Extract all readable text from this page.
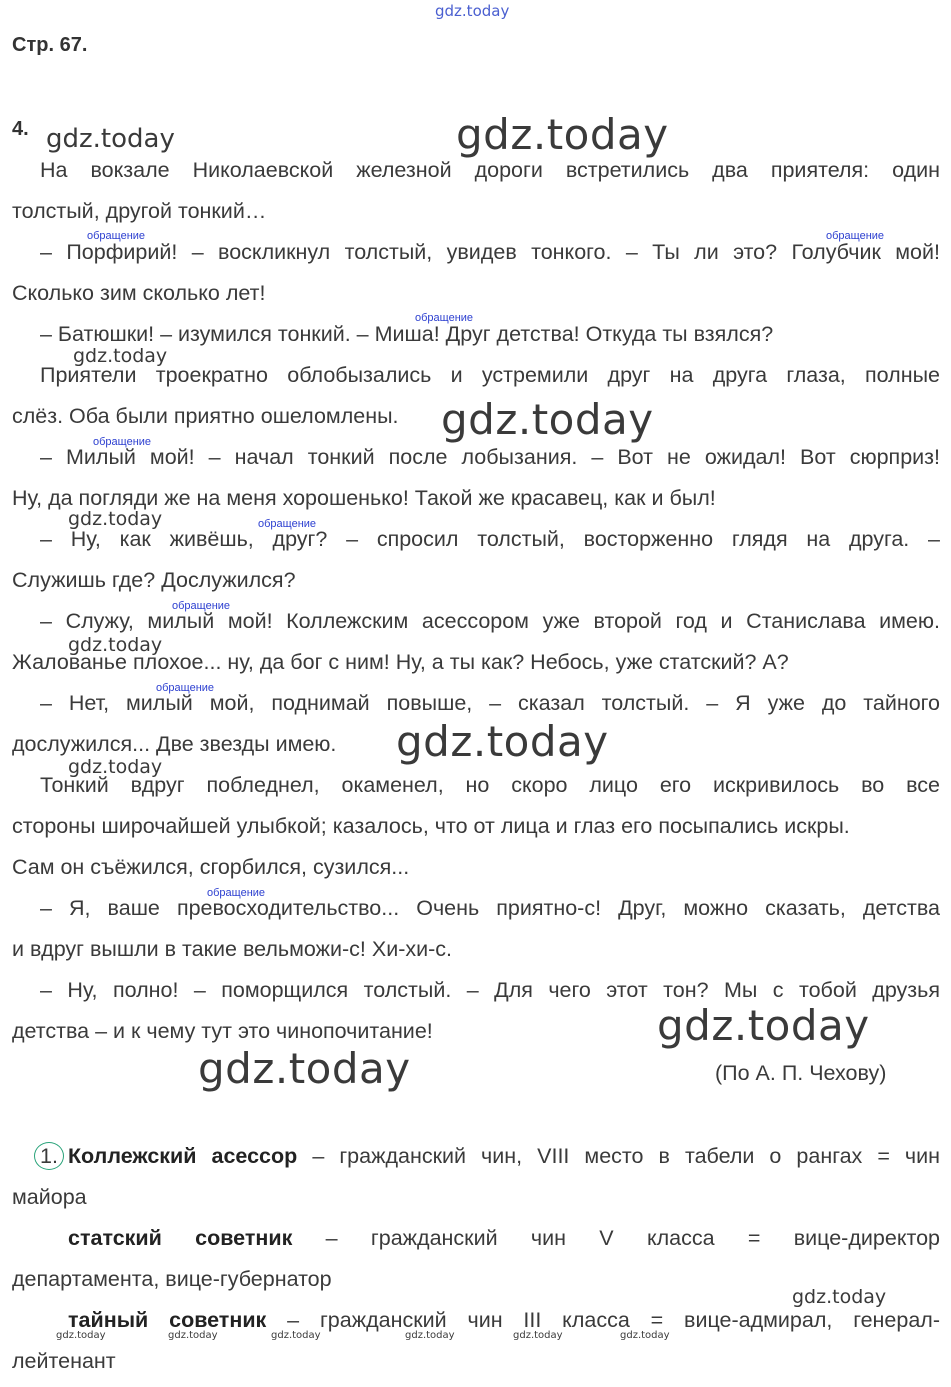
gdz.today
gdz.today	gdz.today
gdz.today
gdz.today
gdz.today
gdz.today
gdz.today
gdz.today
gdz.today
gdz.today
gdz.today
gdz.today	gdz.today	gdz.today	gdz.today	gdz.today	gdz.today
Стр. 67.
4.
обращение	обращение
обращение
обращение
обращение
обращение
обращение
обращение
На вокзале Николаевской железной дороги встретились два приятеля: один
толстый, другой тонкий…
– Порфирий! – воскликнул толстый, увидев тонкого. – Ты ли это? Голубчик мой!
Сколько зим сколько лет!
– Батюшки! – изумился тонкий. – Миша! Друг детства! Откуда ты взялся?
Приятели троекратно облобызались и устремили друг на друга глаза, полные
слёз. Оба были приятно ошеломлены.
– Милый мой! – начал тонкий после лобызания. – Вот не ожидал! Вот сюрприз!
Ну, да погляди же на меня хорошенько! Такой же красавец, как и был!
– Ну, как живёшь, друг? – спросил толстый, восторженно глядя на друга. –
Служишь где? Дослужился?
– Служу, милый мой! Коллежским асессором уже второй год и Станислава имею.
Жалованье плохое... ну, да бог с ним! Ну, а ты как? Небось, уже статский? А?
– Нет, милый мой, поднимай повыше, – сказал толстый. – Я уже до тайного
дослужился... Две звезды имею.
Тонкий вдруг побледнел, окаменел, но скоро лицо его искривилось во все
стороны широчайшей улыбкой; казалось, что от лица и глаз его посыпались искры.
Сам он съёжился, сгорбился, сузился...
– Я, ваше превосходительство... Очень приятно-с! Друг, можно сказать, детства
и вдруг вышли в такие вельможи-с! Хи-хи-с.
– Ну, полно! – поморщился толстый. – Для чего этот тон? Мы с тобой друзья
детства – и к чему тут это чинопочитание!
(По А. П. Чехову)
1. Коллежский асессор – гражданский чин, VIII место в табели о рангах = чин
майора
статский советник – гражданский чин V класса = вице-директор
департамента, вице-губернатор
тайный советник – гражданский чин III класса = вице-адмирал, генерал-
лейтенант
